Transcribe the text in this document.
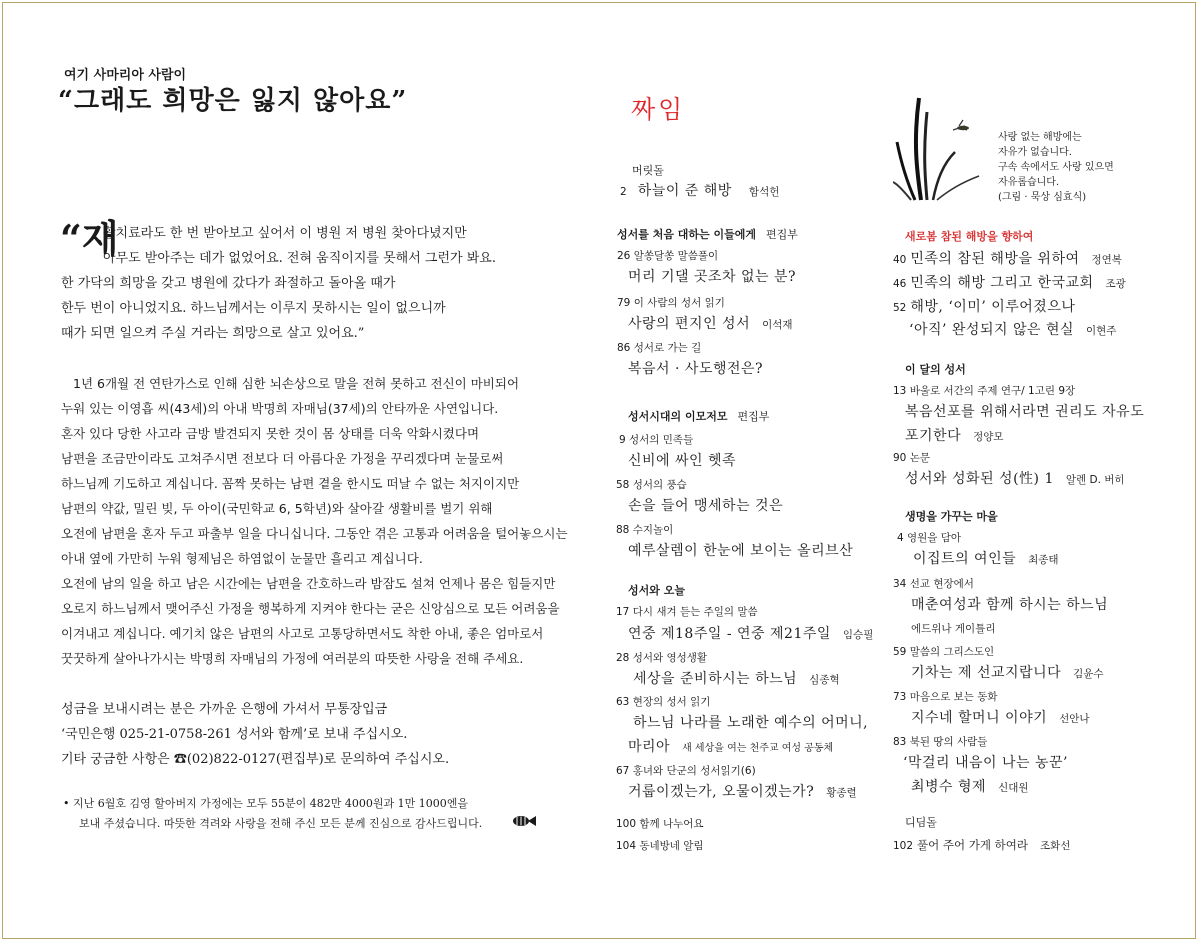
여기 사마리아 사람이
“그래도 희망은 잃지 않아요”
“재
활치료라도 한 번 받아보고 싶어서 이 병원 저 병원 찾아다녔지만
아무도 받아주는 데가 없었어요. 전혀 움직이지를 못해서 그런가 봐요.
한 가닥의 희망을 갖고 병원에 갔다가 좌절하고 돌아올 때가
한두 번이 아니었지요. 하느님께서는 이루지 못하시는 일이 없으니까
때가 되면 일으켜 주실 거라는 희망으로 살고 있어요.”
1년 6개월 전 연탄가스로 인해 심한 뇌손상으로 말을 전혀 못하고 전신이 마비되어
누워 있는 이영흡 씨(43세)의 아내 박명희 자매님(37세)의 안타까운 사연입니다.
혼자 있다 당한 사고라 금방 발견되지 못한 것이 몸 상태를 더욱 악화시켰다며
남편을 조금만이라도 고쳐주시면 전보다 더 아름다운 가정을 꾸리겠다며 눈물로써
하느님께 기도하고 계십니다. 꼼짝 못하는 남편 곁을 한시도 떠날 수 없는 처지이지만
남편의 약값, 밀린 빚, 두 아이(국민학교 6, 5학년)와 살아갈 생활비를 벌기 위해
오전에 남편을 혼자 두고 파출부 일을 다니십니다. 그동안 겪은 고통과 어려움을 털어놓으시는
아내 옆에 가만히 누워 형제님은 하염없이 눈물만 흘리고 계십니다.
오전에 남의 일을 하고 남은 시간에는 남편을 간호하느라 밤잠도 설쳐 언제나 몸은 힘들지만
오로지 하느님께서 맺어주신 가정을 행복하게 지켜야 한다는 굳은 신앙심으로 모든 어려움을
이겨내고 계십니다. 예기치 않은 남편의 사고로 고통당하면서도 착한 아내, 좋은 엄마로서
꿋꿋하게 살아나가시는 박명희 자매님의 가정에 여러분의 따뜻한 사랑을 전해 주세요.
성금을 보내시려는 분은 가까운 은행에 가셔서 무통장입금
‘국민은행 025-21-0758-261 성서와 함께’로 보내 주십시오.
기타 궁금한 사항은 ☎(02)822-0127(편집부)로 문의하여 주십시오.
• 지난 6월호 김영 할아버지 가정에는 모두 55분이 482만 4000원과 1만 1000엔을
보내 주셨습니다. 따뜻한 격려와 사랑을 전해 주신 모든 분께 진심으로 감사드립니다.
짜임
사랑 없는 해방에는
자유가 없습니다.
구속 속에서도 사랑 있으면
자유롭습니다.
(그림 · 묵상 심효식)
머릿돌
2 하늘이 준 해방 함석헌
성서를 처음 대하는 이들에게 편집부
26 알쏭달쏭 말씀풀이
머리 기댈 곳조차 없는 분?
79 이 사람의 성서 읽기
사랑의 편지인 성서 이석재
86 성서로 가는 길
복음서 · 사도행전은?
성서시대의 이모저모 편집부
9 성서의 민족들
신비에 싸인 헷족
58 성서의 풍습
손을 들어 맹세하는 것은
88 수지놀이
예루살렘이 한눈에 보이는 올리브산
성서와 오늘
17 다시 새겨 듣는 주일의 말씀
연중 제18주일 - 연중 제21주일 임승필
28 성서와 영성생활
세상을 준비하시는 하느님 심종혁
63 현장의 성서 읽기
하느님 나라를 노래한 예수의 어머니,
마리아 새 세상을 여는 천주교 여성 공동체
67 홍녀와 단군의 성서읽기(6)
거룹이겠는가, 오물이겠는가? 황종렬
100 함께 나누어요
104 동네방네 알림
새로봄 참된 해방을 향하여
40 민족의 참된 해방을 위하여 정연복
46 민족의 해방 그리고 한국교회 조광
52 해방, ‘이미’ 이루어졌으나
‘아직’ 완성되지 않은 현실 이현주
이 달의 성서
13 바울로 서간의 주제 연구/ 1고린 9장
복음선포를 위해서라면 권리도 자유도
포기한다 정양모
90 논문
성서와 성화된 성(性) 1 알렌 D. 버히
생명을 가꾸는 마을
4 영원을 담아
이집트의 여인들 최종태
34 선교 현장에서
매춘여성과 함께 하시는 하느님
에드위나 게이틀리
59 말씀의 그리스도인
기차는 제 선교지랍니다 김윤수
73 마음으로 보는 동화
지수네 할머니 이야기 선안나
83 북된 땅의 사람들
‘막걸리 내음이 나는 농꾼’
최병수 형제 신대원
디딤돌
102 풀어 주어 가게 하여라 조화선
